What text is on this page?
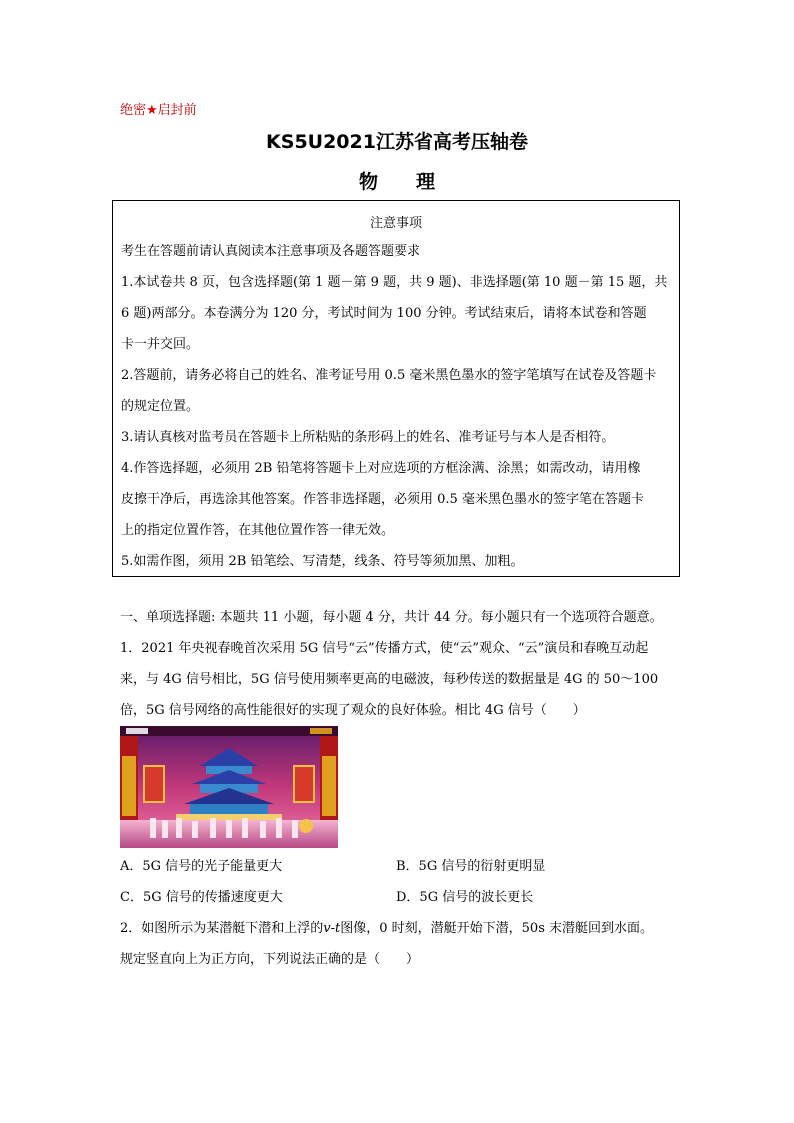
绝密★启封前
KS5U2021江苏省高考压轴卷
物　　理
注意事项
考生在答题前请认真阅读本注意事项及各题答题要求
1.本试卷共 8 页，包含选择题(第 1 题－第 9 题，共 9 题)、非选择题(第 10 题－第 15 题，共
6 题)两部分。本卷满分为 120 分，考试时间为 100 分钟。考试结束后，请将本试卷和答题
卡一并交回。
2.答题前，请务必将自己的姓名、准考证号用 0.5 毫米黑色墨水的签字笔填写在试卷及答题卡
的规定位置。
3.请认真核对监考员在答题卡上所粘贴的条形码上的姓名、准考证号与本人是否相符。
4.作答选择题，必须用 2B 铅笔将答题卡上对应选项的方框涂满、涂黑；如需改动，请用橡
皮擦干净后，再选涂其他答案。作答非选择题，必须用 0.5 毫米黑色墨水的签字笔在答题卡
上的指定位置作答，在其他位置作答一律无效。
5.如需作图，须用 2B 铅笔绘、写清楚，线条、符号等须加黑、加粗。
一、单项选择题: 本题共 11 小题，每小题 4 分，共计 44 分。每小题只有一个选项符合题意。
1．2021 年央视春晚首次采用 5G 信号“云”传播方式，使“云”观众、“云”演员和春晚互动起
来，与 4G 信号相比，5G 信号使用频率更高的电磁波，每秒传送的数据量是 4G 的 50～100
倍，5G 信号网络的高性能很好的实现了观众的良好体验。相比 4G 信号（　　）
A．5G 信号的光子能量更大	B．5G 信号的衍射更明显
C．5G 信号的传播速度更大	D．5G 信号的波长更长
2．如图所示为某潜艇下潜和上浮的v-t图像，0 时刻，潜艇开始下潜，50s 末潜艇回到水面。
规定竖直向上为正方向，下列说法正确的是（　　）
